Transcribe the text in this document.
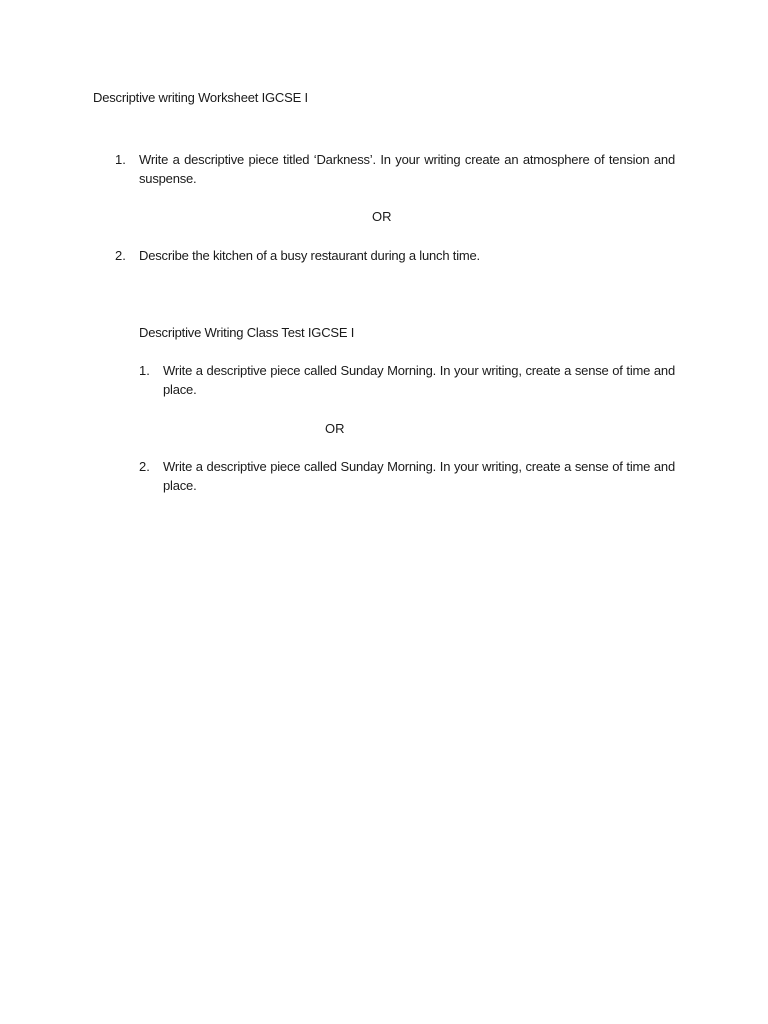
Descriptive writing Worksheet IGCSE I
1.	Write a descriptive piece titled ‘Darkness’. In your writing create an atmosphere of tension and suspense.
OR
2.	Describe the kitchen of a busy restaurant during a lunch time.
Descriptive Writing Class Test IGCSE I
1.	Write a descriptive piece called Sunday Morning. In your writing, create a sense of time and place.
OR
2.	Write a descriptive piece called Sunday Morning. In your writing, create a sense of time and place.
